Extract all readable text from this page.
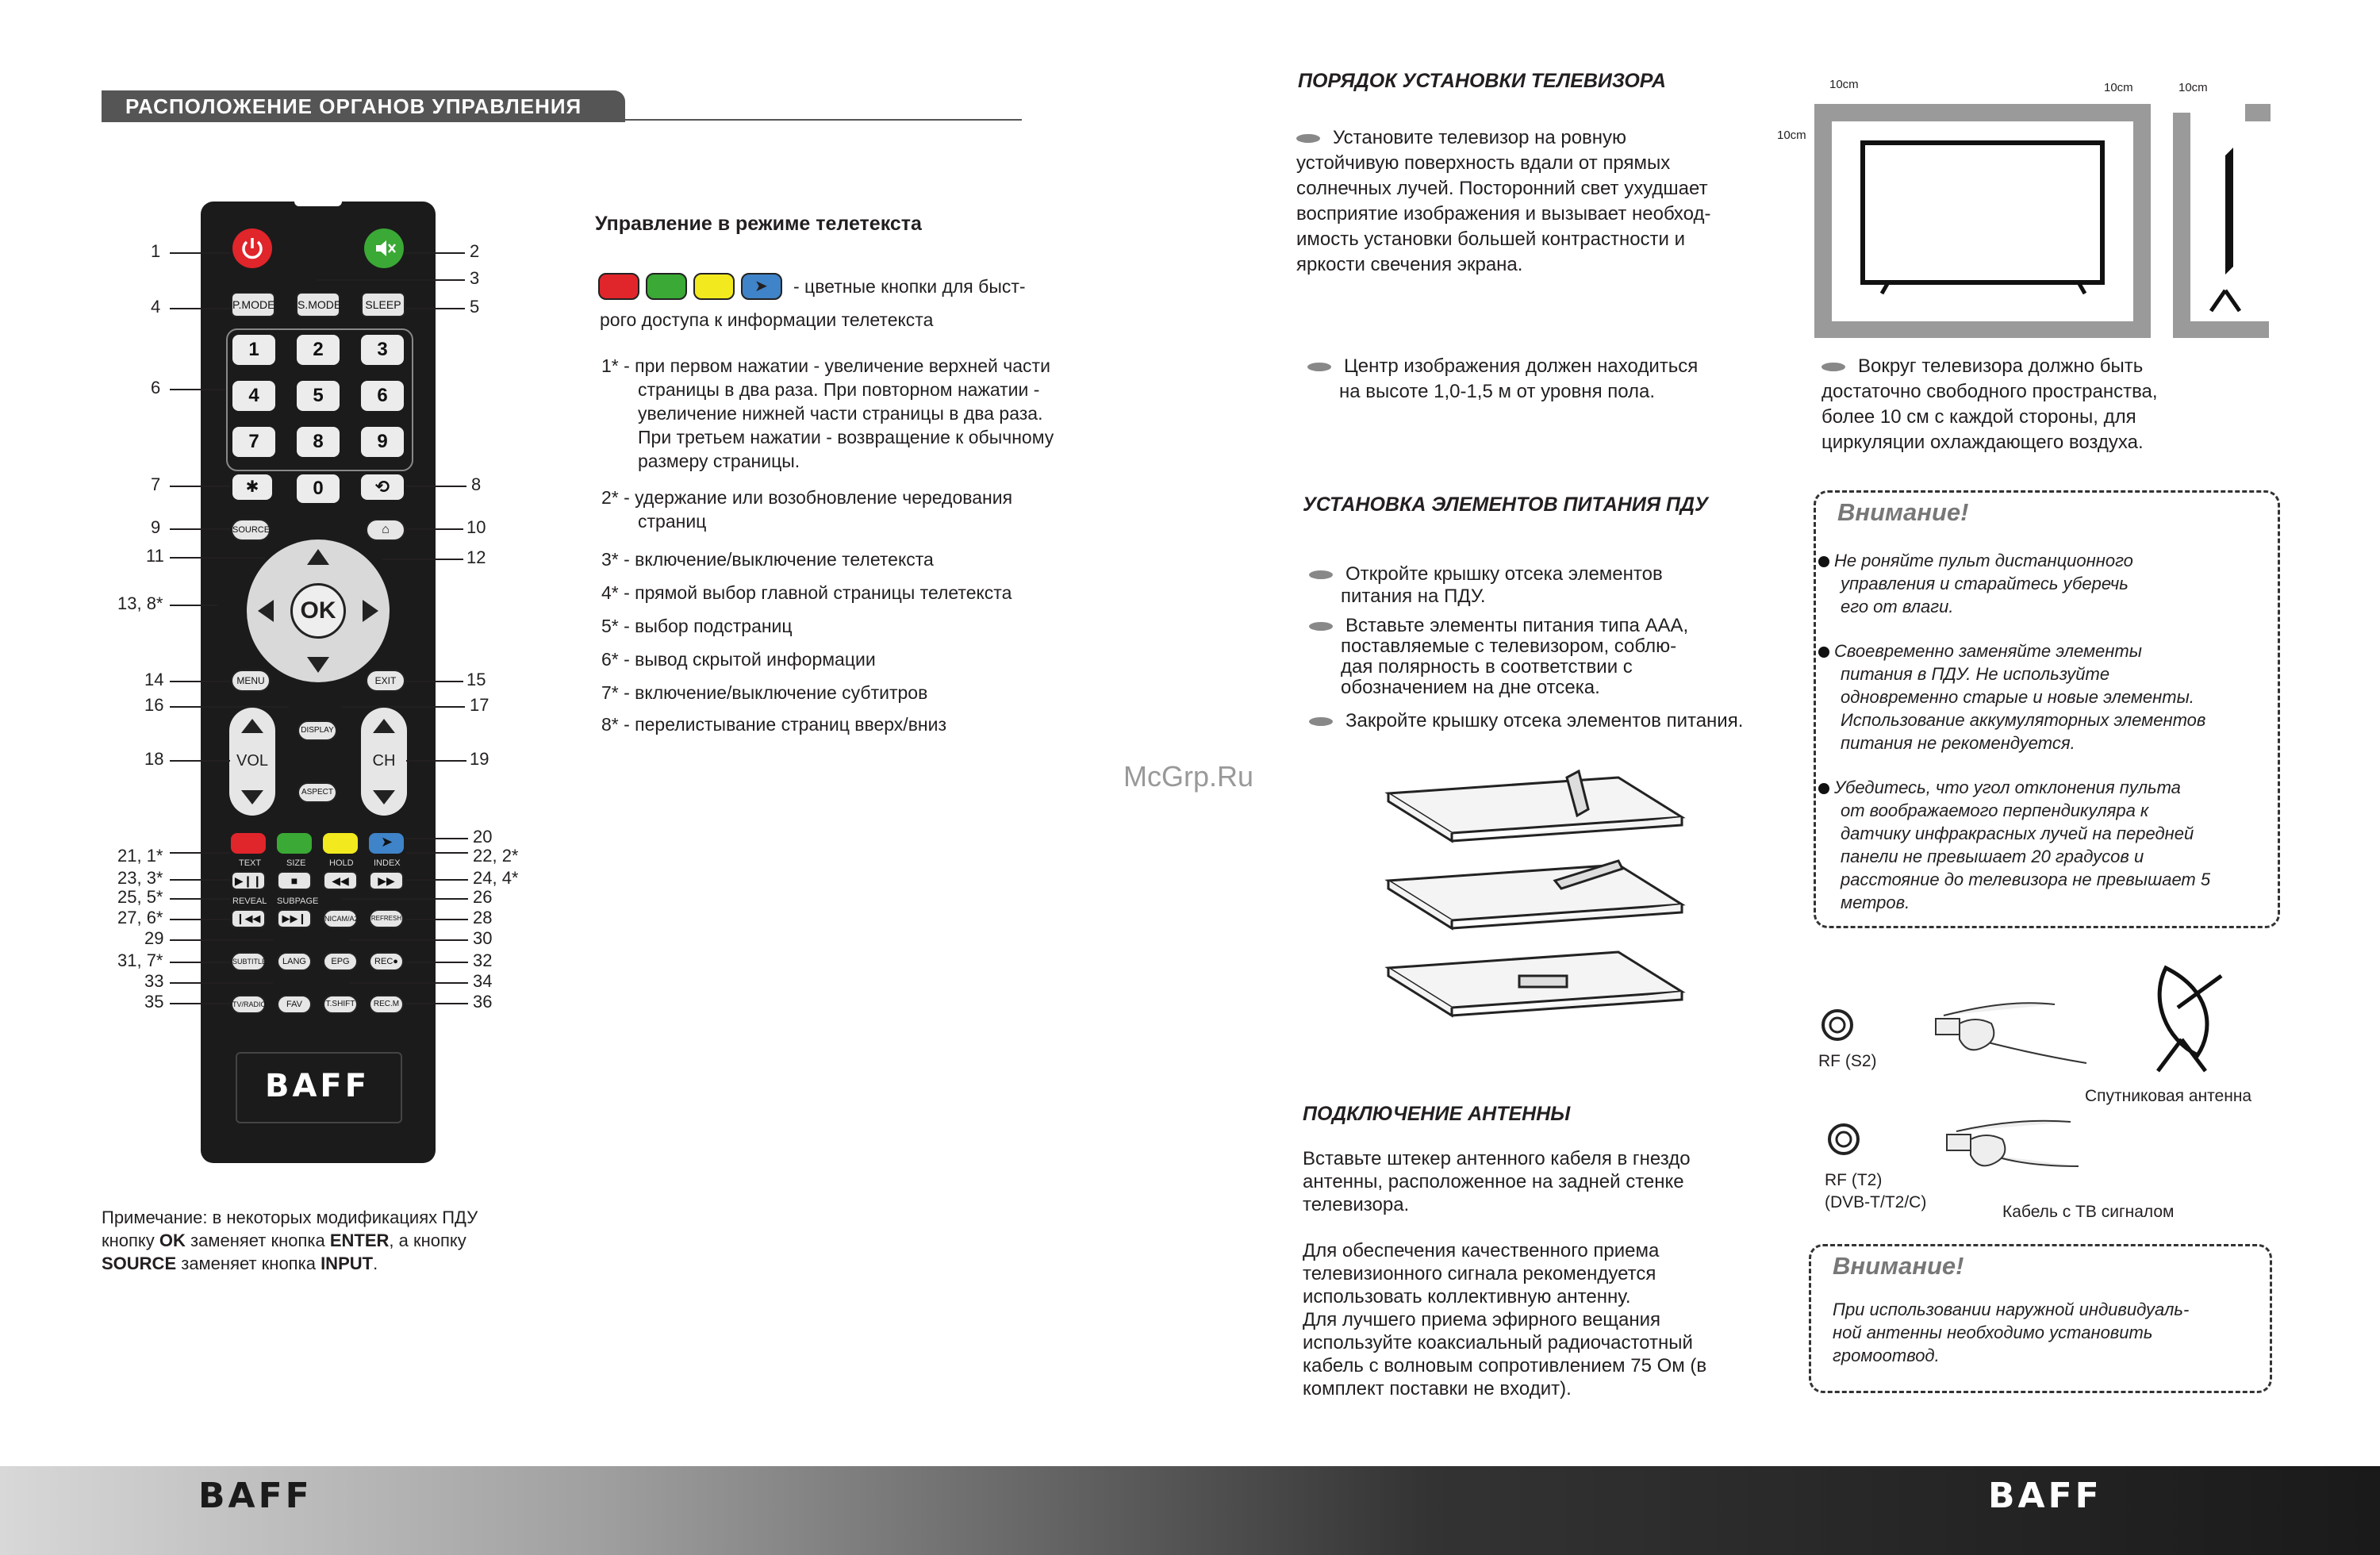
РАСПОЛОЖЕНИЕ ОРГАНОВ УПРАВЛЕНИЯ
P.MODE S.MODE	SLEEP
1	2	3
4	5	6
7	8	9
✱	0	⟲
SOURCE	⌂
OK
MENU	EXIT
VOL	CH
DISPLAY
ASPECT
➤
TEXT	SIZE	HOLD INDEX
▶❙❙	■	◀◀	▶▶
REVEAL SUBPAGE
❙◀◀	▶▶❙	NICAM/A2	REFRESH
SUBTITLE	LANG	EPG	REC●
TV/RADIO	FAV	T.SHIFT	REC.M
BAFF
1	2
3
4	5
6
7	8
9	10
11	12
13, 8*
14	15
16	17
18	19
20
21, 1*	22, 2*
23, 3*	24, 4*
25, 5*	26
27, 6*	28
29	30
31, 7*	32
33	34
35	36
Примечание: в некоторых модификациях ПДУ
кнопку OK заменяет кнопка ENTER, а кнопку
SOURCE заменяет кнопка INPUT.
Управление в режиме телетекста
➤ - цветные кнопки для быст-
рого доступа к информации телетекста
1* - при первом нажатии - увеличение верхней части
страницы в два раза. При повторном нажатии -
увеличение нижней части страницы в два раза.
При третьем нажатии - возвращение к обычному
размеру страницы.
2* - удержание или возобновление чередования
страниц
3* - включение/выключение телетекста
4* - прямой выбор главной страницы телетекста
5* - выбор подстраниц
6* - вывод скрытой информации
7* - включение/выключение субтитров
8* - перелистывание страниц вверх/вниз
McGrp.Ru
ПОРЯДОК УСТАНОВКИ ТЕЛЕВИЗОРА
Установите телевизор на ровную
устойчивую поверхность вдали от прямых
солнечных лучей. Посторонний свет ухудшает
восприятие изображения и вызывает необход-
имость установки большей контрастности и
яркости свечения экрана.
Центр изображения должен находиться
на высоте 1,0-1,5 м от уровня пола.
Вокруг телевизора должно быть
достаточно свободного пространства,
более 10 см с каждой стороны, для
циркуляции охлаждающего воздуха.
10cm	10cm	10cm
10cm
УСТАНОВКА ЭЛЕМЕНТОВ ПИТАНИЯ ПДУ
Откройте крышку отсека элементов
питания на ПДУ.
Вставьте элементы питания типа ААА,
поставляемые с телевизором, соблю-
дая полярность в соответствии с
обозначением на дне отсека.
Закройте крышку отсека элементов питания.
Внимание!
Не роняйте пульт дистанционного
управления и старайтесь уберечь
его от влаги.
Своевременно заменяйте элементы
питания в ПДУ. Не используйте
одновременно старые и новые элементы.
Использование аккумуляторных элементов
питания не рекомендуется.
Убедитесь, что угол отклонения пульта
от воображаемого перпендикуляра к
датчику инфракрасных лучей на передней
панели не превышает 20 градусов и
расстояние до телевизора не превышает 5
метров.
ПОДКЛЮЧЕНИЕ АНТЕННЫ
Вставьте штекер антенного кабеля в гнездо
антенны, расположенное на задней стенке
телевизора.
Для обеспечения качественного приема
телевизионного сигнала рекомендуется
использовать коллективную антенну.
Для лучшего приема эфирного вещания
используйте коаксиальный радиочастотный
кабель с волновым сопротивлением 75 Ом (в
комплект поставки не входит).
RF (S2)
Спутниковая антенна
RF (T2)
(DVB-T/T2/C)
Кабель с ТВ сигналом
Внимание!
При использовании наружной индивидуаль-
ной антенны необходимо установить
громоотвод.
BAFF	BAFF
